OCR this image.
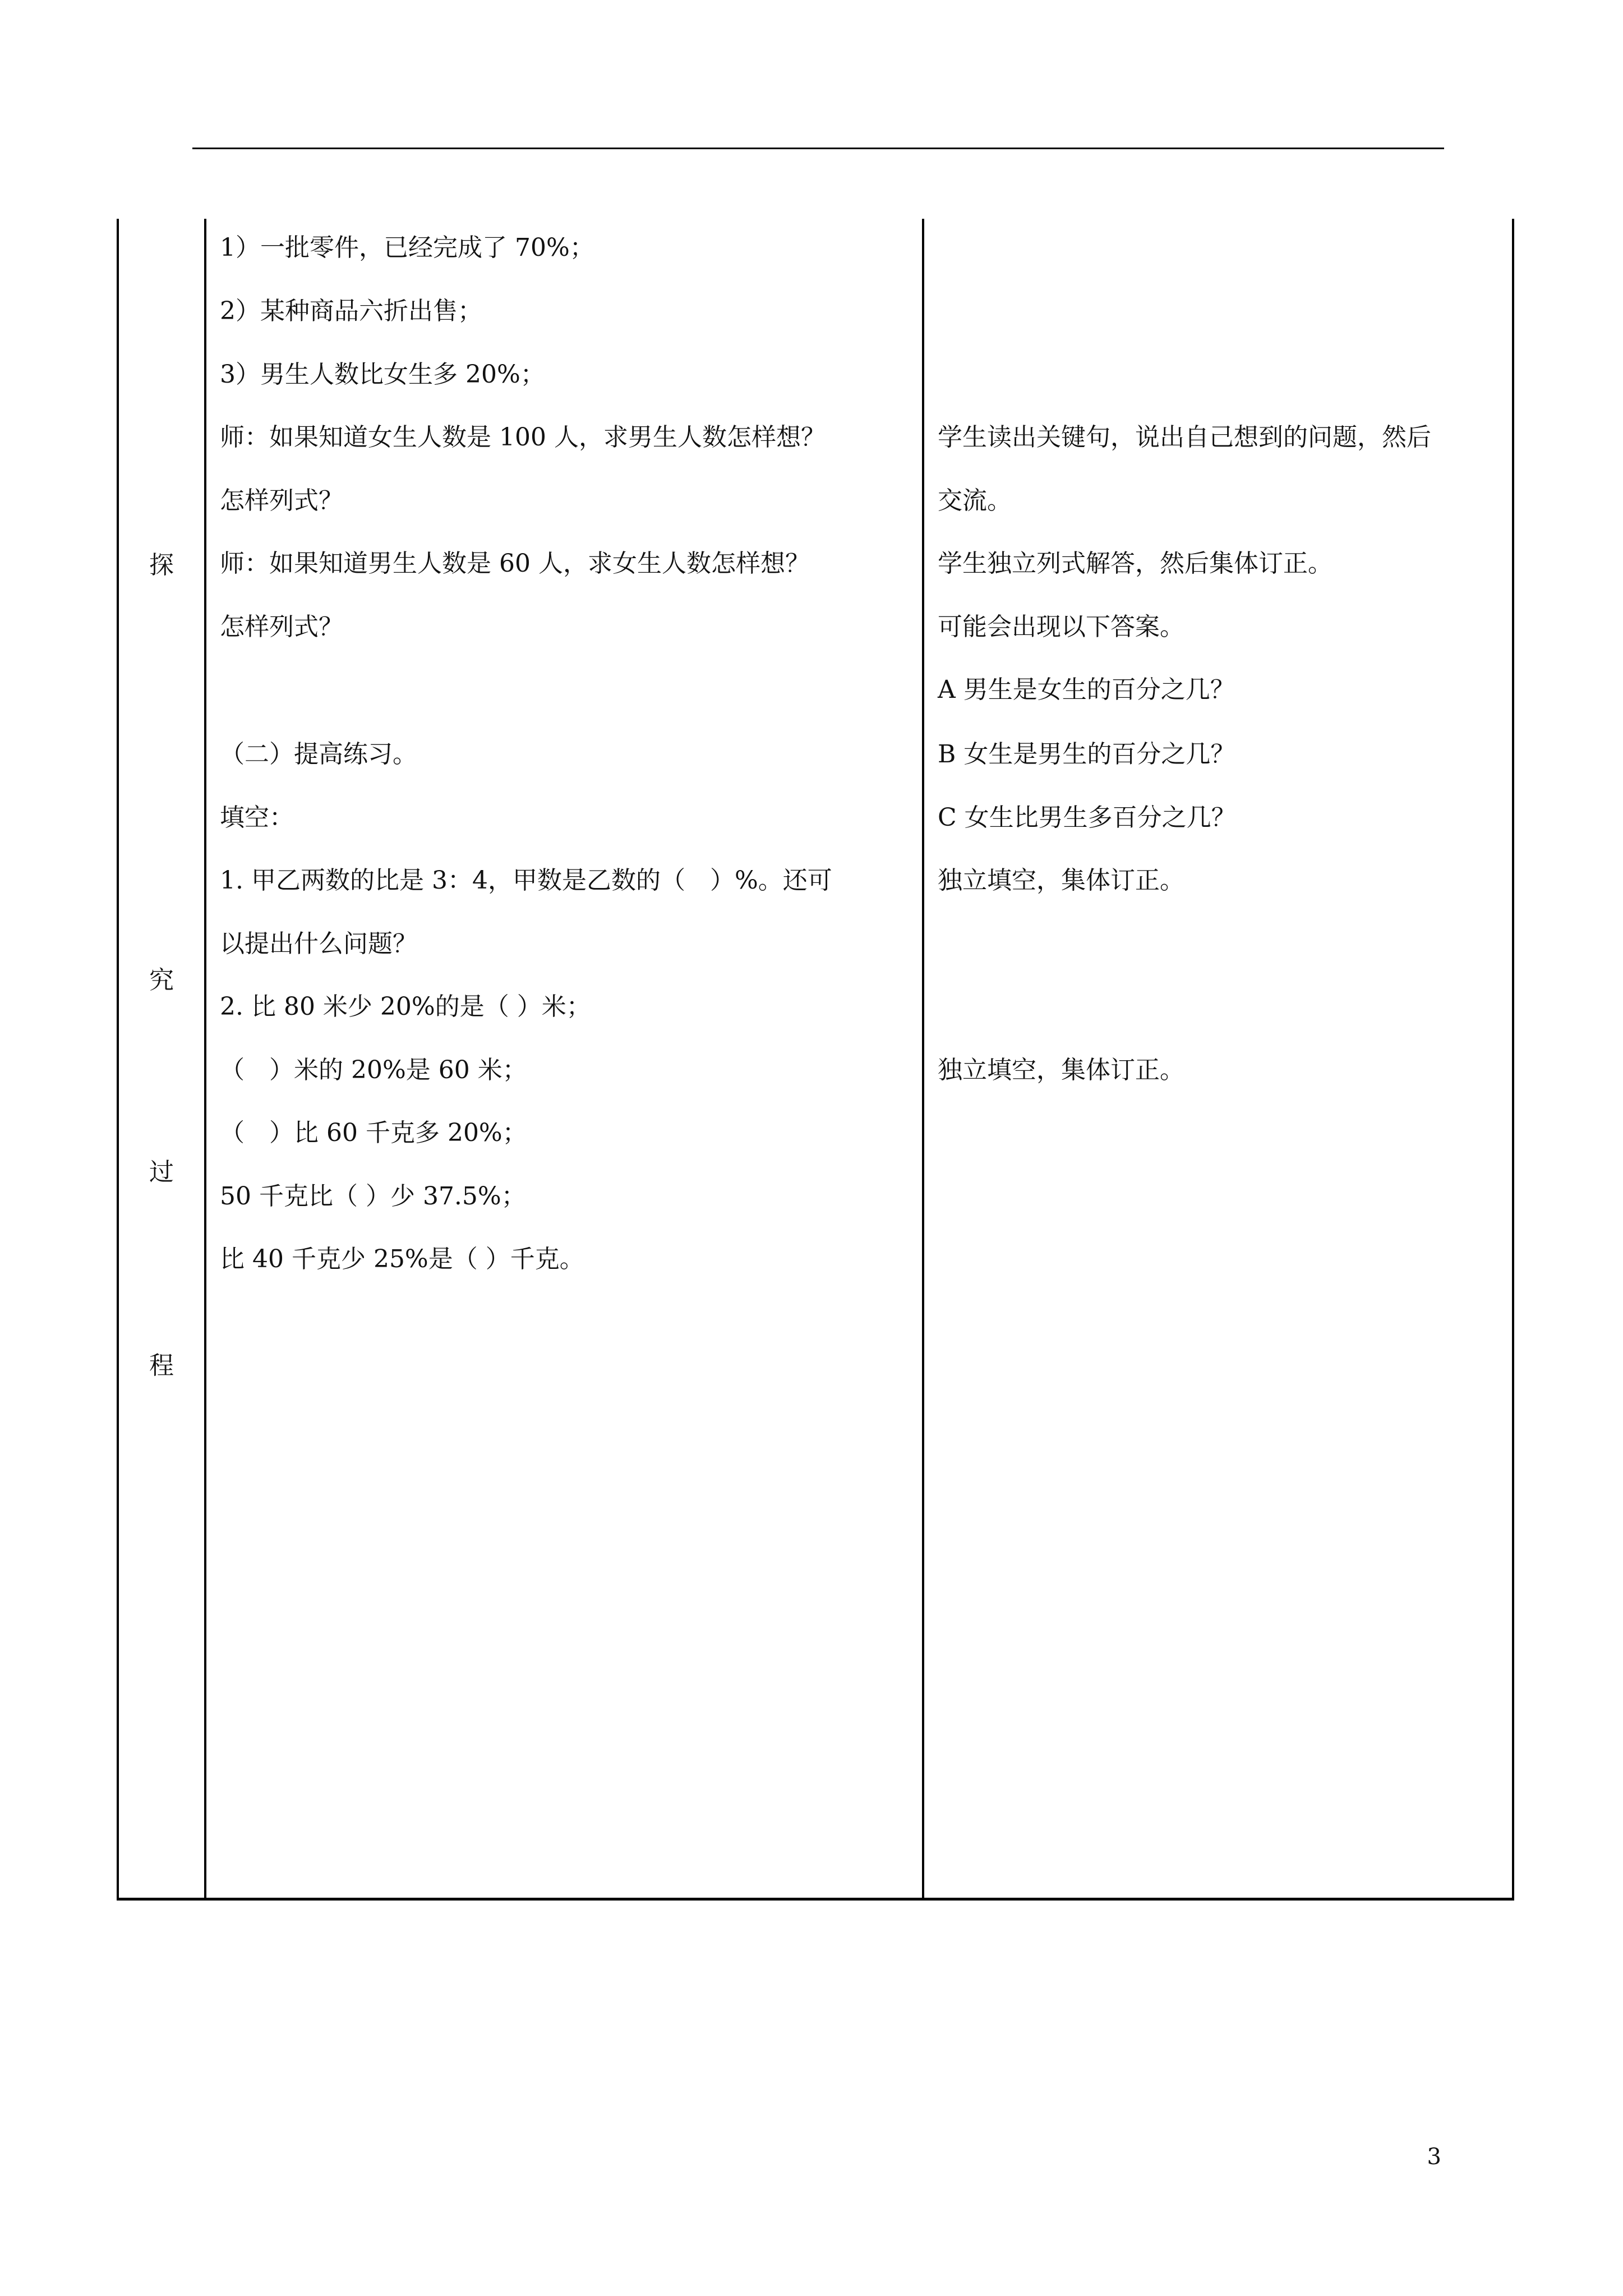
探
究
过
程
1）一批零件，已经完成了 70%；
2）某种商品六折出售；
3）男生人数比女生多 20%；
师：如果知道女生人数是 100 人，求男生人数怎样想？
怎样列式？
师：如果知道男生人数是 60 人，求女生人数怎样想？
怎样列式？
（二）提高练习。
填空：
1. 甲乙两数的比是 3：4，甲数是乙数的（　）%。还可
以提出什么问题？
2. 比 80 米少 20%的是（ ）米；
（　）米的 20%是 60 米；
（　）比 60 千克多 20%；
50 千克比（ ）少 37.5%；
比 40 千克少 25%是（ ）千克。
学生读出关键句，说出自己想到的问题，然后
交流。
学生独立列式解答，然后集体订正。
可能会出现以下答案。
A 男生是女生的百分之几？
B 女生是男生的百分之几？
C 女生比男生多百分之几？
独立填空，集体订正。
独立填空，集体订正。
3
